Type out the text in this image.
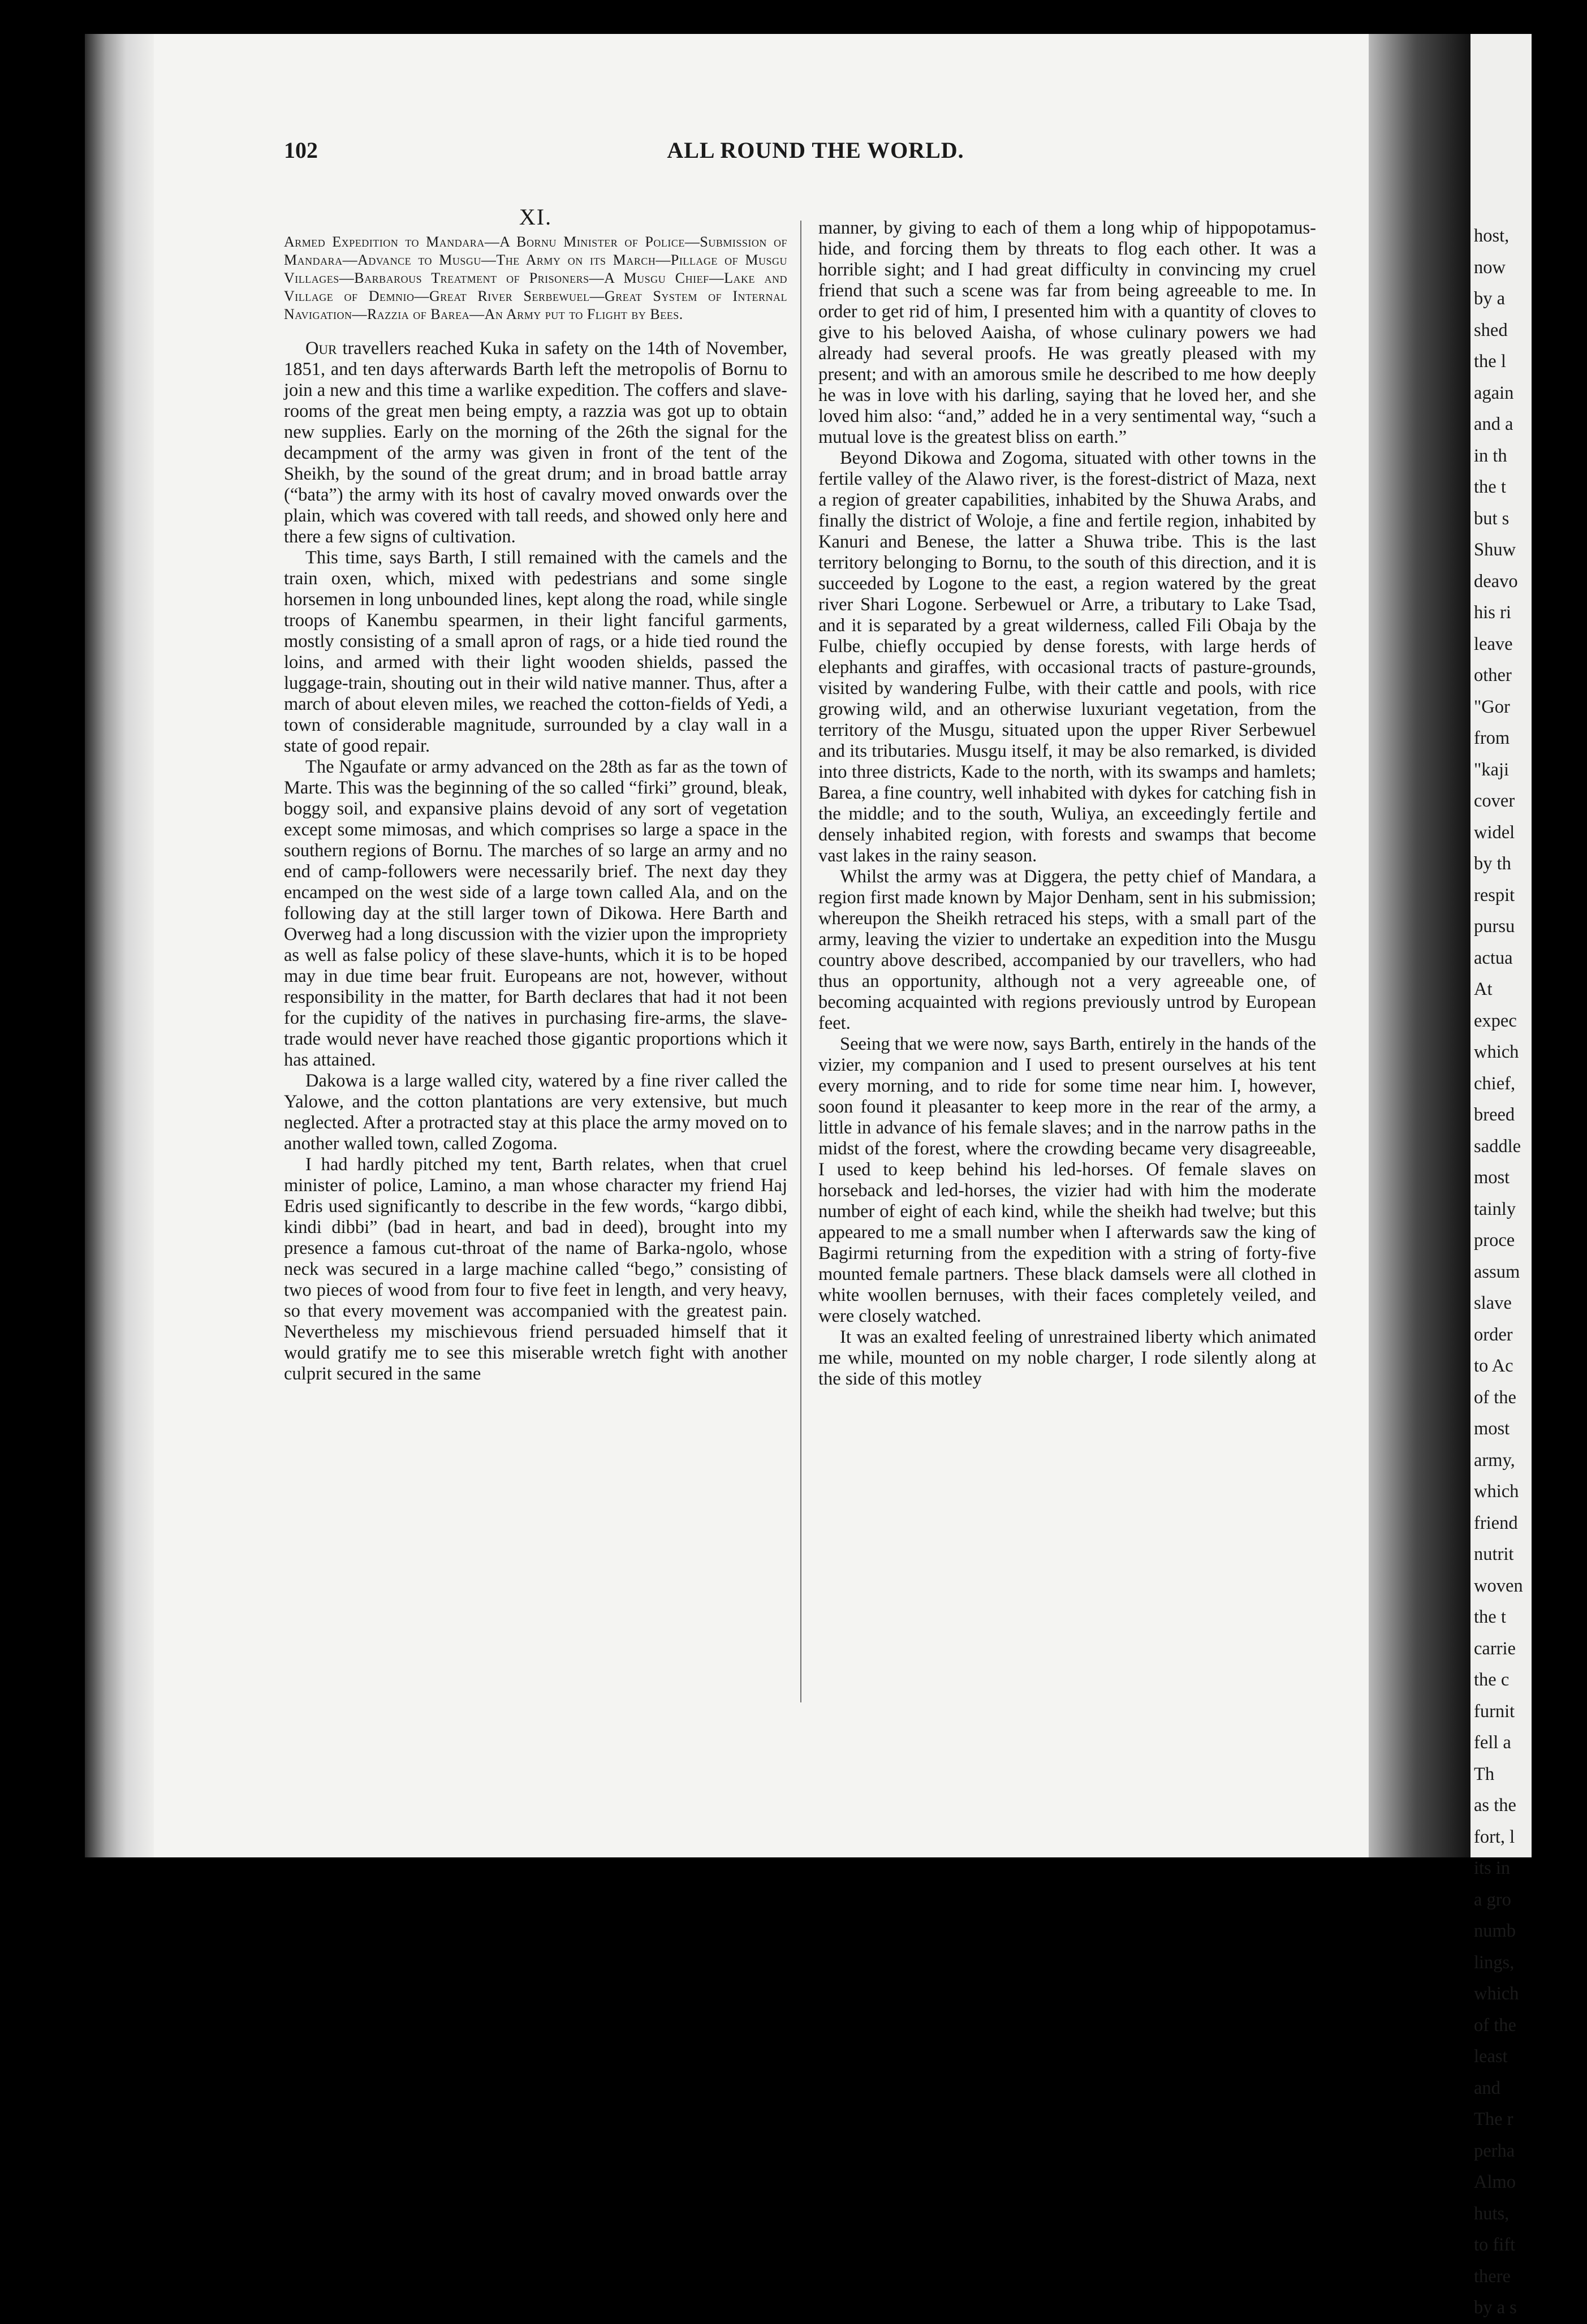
102	ALL ROUND THE WORLD.
XI.
Armed Expedition to Mandara—A Bornu Minister of Police—Submission of Mandara—Advance to Musgu—The Army on its March—Pillage of Musgu Villages—Barbarous Treatment of Prisoners—A Musgu Chief—Lake and Village of Demnio—Great River Serbewuel—Great System of Internal Navigation—Razzia of Barea—An Army put to Flight by Bees.

Our travellers reached Kuka in safety on the 14th of November, 1851, and ten days afterwards Barth left the metropolis of Bornu to join a new and this time a warlike expedition. The coffers and slave-rooms of the great men being empty, a razzia was got up to obtain new supplies. Early on the morning of the 26th the signal for the decampment of the army was given in front of the tent of the Sheikh, by the sound of the great drum; and in broad battle array (“bata”) the army with its host of cavalry moved onwards over the plain, which was covered with tall reeds, and showed only here and there a few signs of cultivation.

This time, says Barth, I still remained with the camels and the train oxen, which, mixed with pedestrians and some single horsemen in long unbounded lines, kept along the road, while single troops of Kanembu spearmen, in their light fanciful garments, mostly consisting of a small apron of rags, or a hide tied round the loins, and armed with their light wooden shields, passed the luggage-train, shouting out in their wild native manner. Thus, after a march of about eleven miles, we reached the cotton-fields of Yedi, a town of considerable magnitude, surrounded by a clay wall in a state of good repair.

The Ngaufate or army advanced on the 28th as far as the town of Marte. This was the beginning of the so called “firki” ground, bleak, boggy soil, and expansive plains devoid of any sort of vegetation except some mimosas, and which comprises so large a space in the southern regions of Bornu. The marches of so large an army and no end of camp-followers were necessarily brief. The next day they encamped on the west side of a large town called Ala, and on the following day at the still larger town of Dikowa. Here Barth and Overweg had a long discussion with the vizier upon the impropriety as well as false policy of these slave-hunts, which it is to be hoped may in due time bear fruit. Europeans are not, however, without responsibility in the matter, for Barth declares that had it not been for the cupidity of the natives in purchasing fire-arms, the slave-trade would never have reached those gigantic proportions which it has attained.

Dakowa is a large walled city, watered by a fine river called the Yalowe, and the cotton plantations are very extensive, but much neglected. After a protracted stay at this place the army moved on to another walled town, called Zogoma.

I had hardly pitched my tent, Barth relates, when that cruel minister of police, Lamino, a man whose character my friend Haj Edris used significantly to describe in the few words, “kargo dibbi, kindi dibbi” (bad in heart, and bad in deed), brought into my presence a famous cut-throat of the name of Barka-ngolo, whose neck was secured in a large machine called “bego,” consisting of two pieces of wood from four to five feet in length, and very heavy, so that every movement was accompanied with the greatest pain. Nevertheless my mischievous friend persuaded himself that it would gratify me to see this miserable wretch fight with another culprit secured in the same

manner, by giving to each of them a long whip of hippopotamus-hide, and forcing them by threats to flog each other. It was a horrible sight; and I had great difficulty in convincing my cruel friend that such a scene was far from being agreeable to me. In order to get rid of him, I presented him with a quantity of cloves to give to his beloved Aaisha, of whose culinary powers we had already had several proofs. He was greatly pleased with my present; and with an amorous smile he described to me how deeply he was in love with his darling, saying that he loved her, and she loved him also: “and,” added he in a very sentimental way, “such a mutual love is the greatest bliss on earth.”

Beyond Dikowa and Zogoma, situated with other towns in the fertile valley of the Alawo river, is the forest-district of Maza, next a region of greater capabilities, inhabited by the Shuwa Arabs, and finally the district of Woloje, a fine and fertile region, inhabited by Kanuri and Benese, the latter a Shuwa tribe. This is the last territory belonging to Bornu, to the south of this direction, and it is succeeded by Logone to the east, a region watered by the great river Shari Logone. Serbewuel or Arre, a tributary to Lake Tsad, and it is separated by a great wilderness, called Fili Obaja by the Fulbe, chiefly occupied by dense forests, with large herds of elephants and giraffes, with occasional tracts of pasture-grounds, visited by wandering Fulbe, with their cattle and pools, with rice growing wild, and an otherwise luxuriant vegetation, from the territory of the Musgu, situated upon the upper River Serbewuel and its tributaries. Musgu itself, it may be also remarked, is divided into three districts, Kade to the north, with its swamps and hamlets; Barea, a fine country, well inhabited with dykes for catching fish in the middle; and to the south, Wuliya, an exceedingly fertile and densely inhabited region, with forests and swamps that become vast lakes in the rainy season.

Whilst the army was at Diggera, the petty chief of Mandara, a region first made known by Major Denham, sent in his submission; whereupon the Sheikh retraced his steps, with a small part of the army, leaving the vizier to undertake an expedition into the Musgu country above described, accompanied by our travellers, who had thus an opportunity, although not a very agreeable one, of becoming acquainted with regions previously untrod by European feet.

Seeing that we were now, says Barth, entirely in the hands of the vizier, my companion and I used to present ourselves at his tent every morning, and to ride for some time near him. I, however, soon found it pleasanter to keep more in the rear of the army, a little in advance of his female slaves; and in the narrow paths in the midst of the forest, where the crowding became very disagreeable, I used to keep behind his led-horses. Of female slaves on horseback and led-horses, the vizier had with him the moderate number of eight of each kind, while the sheikh had twelve; but this appeared to me a small number when I afterwards saw the king of Bagirmi returning from the expedition with a string of forty-five mounted female partners. These black damsels were all clothed in white woollen bernuses, with their faces completely veiled, and were closely watched.

It was an exalted feeling of unrestrained liberty which animated me while, mounted on my noble charger, I rode silently along at the side of this motley

host,
now
by a
shed
the l
again
and a
in th
the t
but s
Shuw
deavo
his ri
leave
other
"Gor
from
"kaji
cover
widel
by th
respit
pursu
actua
At
expec
which
chief,
breed
saddle
most
tainly
proce
assum
slave
order
to Ac
of the
most
army,
which
friend
nutrit
woven
the t
carrie
the c
furnit
fell a
Th
as the
fort, l
its in
a gro
numb
lings,
which
of the
least
and
The r
perha
Almo
huts,
to fift
there
by a s
